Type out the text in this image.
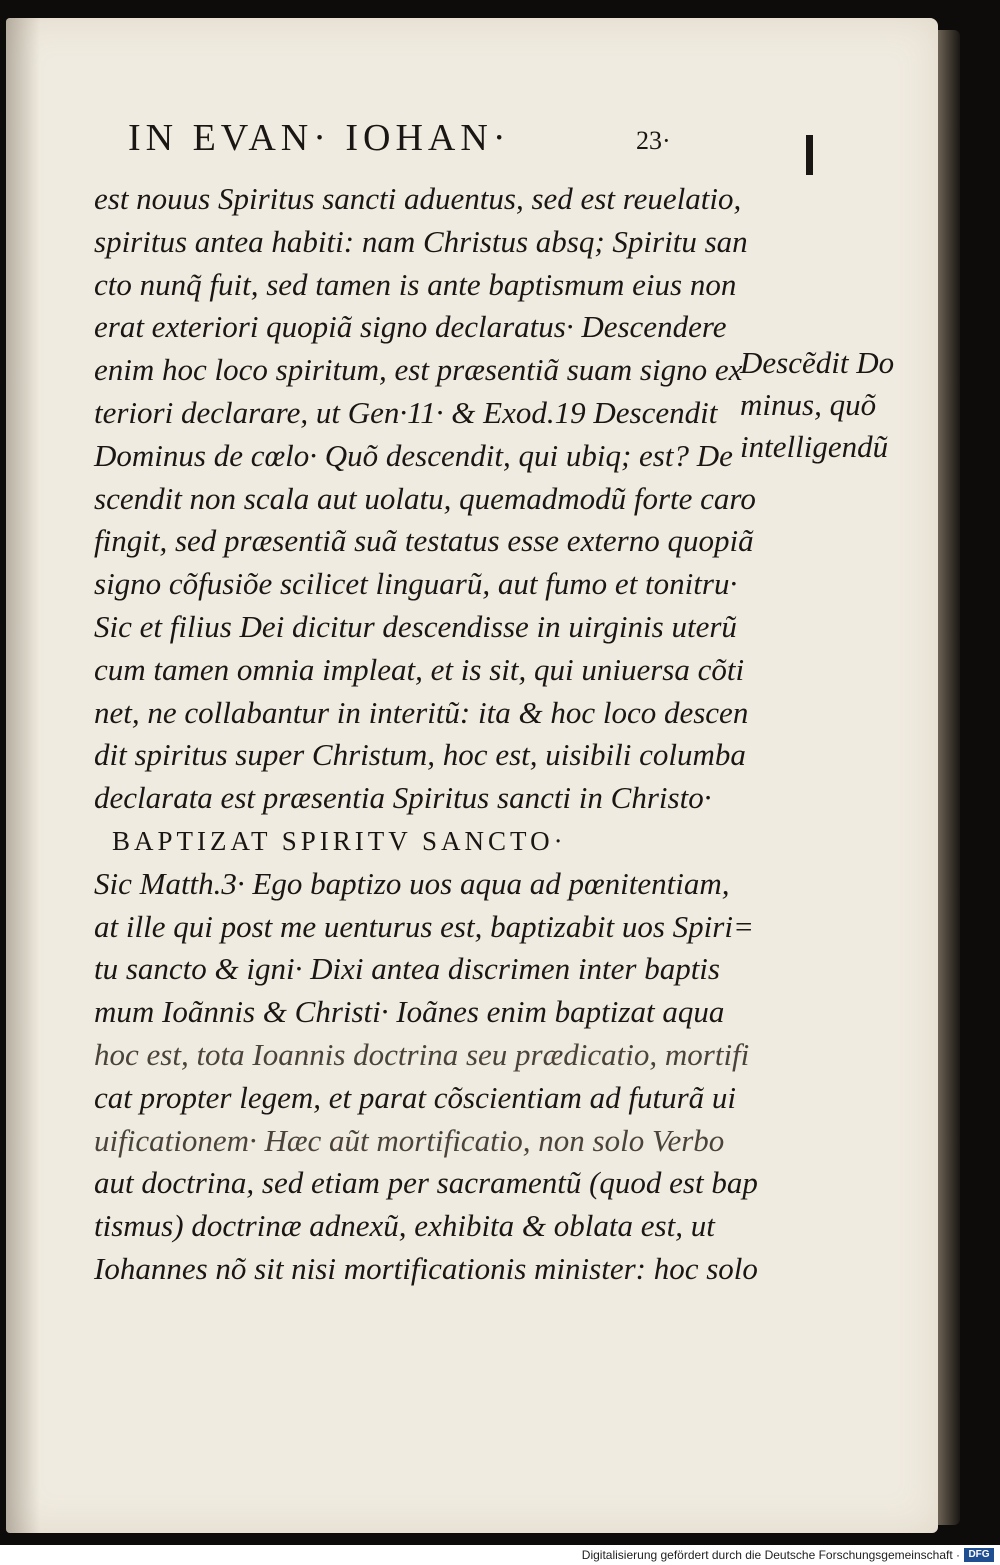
IN EVAN· IOHAN·	23·
est nouus Spiritus sancti aduentus, sed est reuelatio,
spiritus antea habiti: nam Christus absq; Spiritu san
cto nunq̃ fuit, sed tamen is ante baptismum eius non
erat exteriori quopiã signo declaratus· Descendere
enim hoc loco spiritum, est præsentiã suam signo ex
teriori declarare, ut Gen·11· & Exod.19 Descendit
Dominus de cœlo· Quõ descendit, qui ubiq; est? De
scendit non scala aut uolatu, quemadmodũ forte caro
fingit, sed præsentiã suã testatus esse externo quopiã
signo cõfusiõe scilicet linguarũ, aut fumo et tonitru·
Sic et filius Dei dicitur descendisse in uirginis uterũ
cum tamen omnia impleat, et is sit, qui uniuersa cõti
net, ne collabantur in interitũ: ita & hoc loco descen
dit spiritus super Christum, hoc est, uisibili columba
declarata est præsentia Spiritus sancti in Christo·
BAPTIZAT SPIRITV SANCTO·
Sic Matth.3· Ego baptizo uos aqua ad pœnitentiam,
at ille qui post me uenturus est, baptizabit uos Spiri=
tu sancto & igni· Dixi antea discrimen inter baptis
mum Ioãnnis & Christi· Ioãnes enim baptizat aqua
hoc est, tota Ioannis doctrina seu prædicatio, mortifi
cat propter legem, et parat cõscientiam ad futurã ui
uificationem· Hæc aũt mortificatio, non solo Verbo
aut doctrina, sed etiam per sacramentũ (quod est bap
tismus) doctrinæ adnexũ, exhibita & oblata est, ut
Iohannes nõ sit nisi mortificationis minister: hoc solo
Descẽdit Do
minus, quõ
intelligendũ
Digitalisierung gefördert durch die Deutsche Forschungsgemeinschaft · DFG
